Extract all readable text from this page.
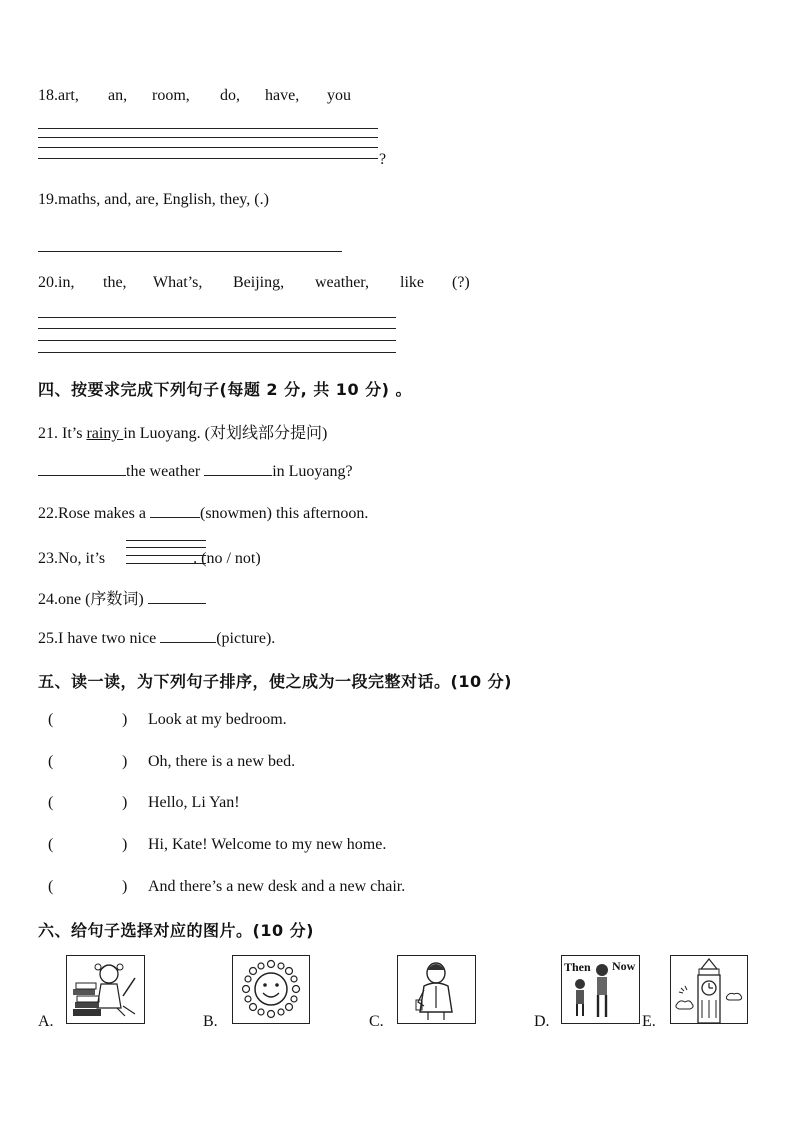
18.art, an, room, do, have, you
?
19.maths, and, are, English, they, (.)
20.in, the, What’s, Beijing, weather, like (?)
四、按要求完成下列句子(每题 2 分, 共 10 分) 。
21. It’s rainy in Luoyang. (对划线部分提问)
the weather	in Luoyang?
22.Rose makes a	(snowmen) this afternoon.
23.No, it’s	. (no / not)
24.one (序数词)
25.I have two nice	(picture).
五、读一读，为下列句子排序，使之成为一段完整对话。(10 分)
(	) Look at my bedroom.
(	) Oh, there is a new bed.
(	) Hello, Li Yan!
(	) Hi, Kate! Welcome to my new home.
(	) And there’s a new desk and a new chair.
六、给句子选择对应的图片。(10 分)
A.	B.	C.	D.
Then Now
E.
